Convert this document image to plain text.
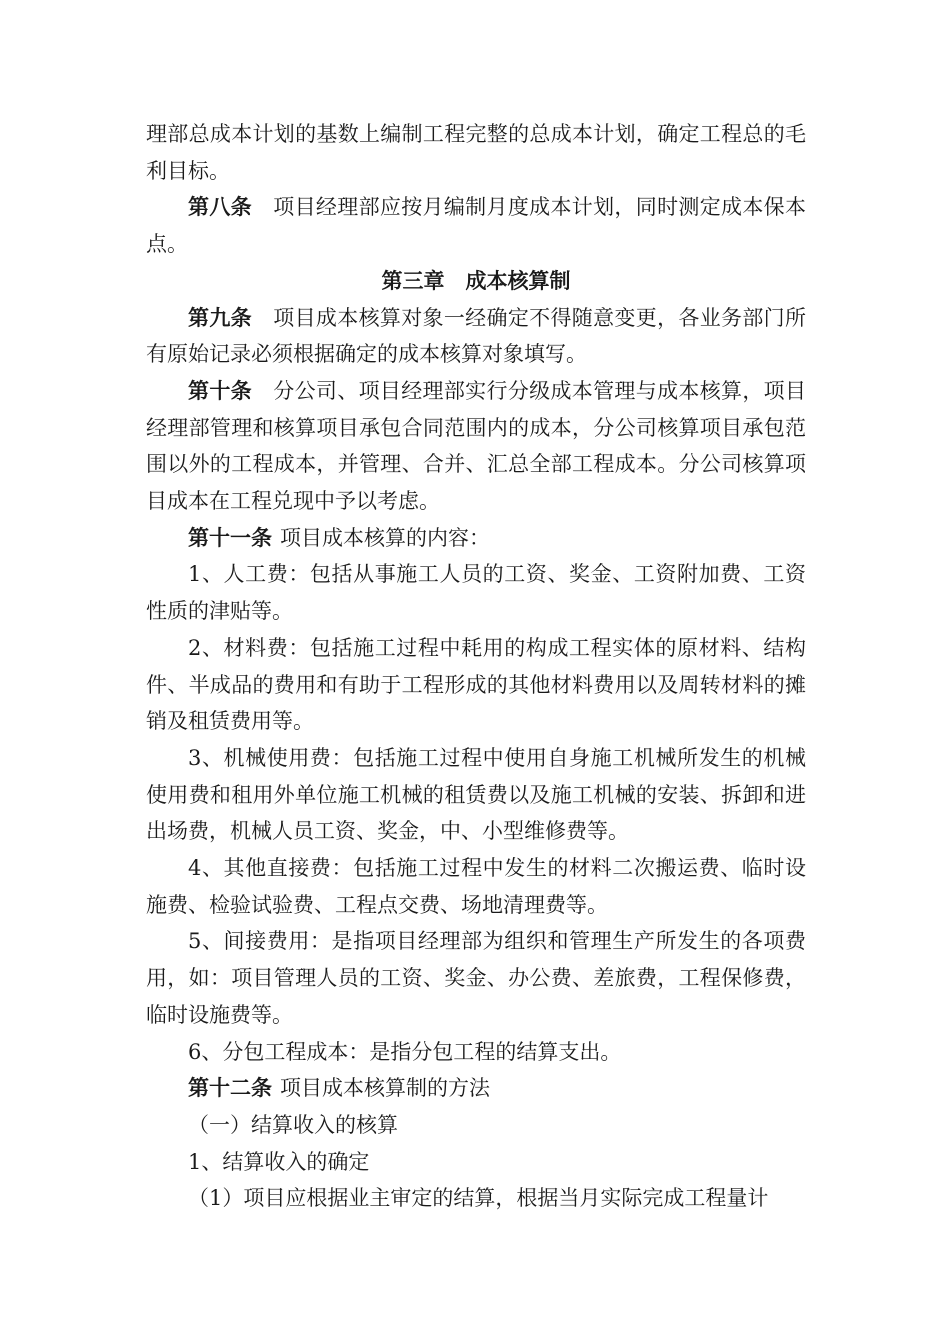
理部总成本计划的基数上编制工程完整的总成本计划，确定工程总的毛利目标。

第八条 项目经理部应按月编制月度成本计划，同时测定成本保本点。

第三章　成本核算制

第九条 项目成本核算对象一经确定不得随意变更，各业务部门所有原始记录必须根据确定的成本核算对象填写。

第十条 分公司、项目经理部实行分级成本管理与成本核算，项目经理部管理和核算项目承包合同范围内的成本，分公司核算项目承包范围以外的工程成本，并管理、合并、汇总全部工程成本。分公司核算项目成本在工程兑现中予以考虑。

第十一条 项目成本核算的内容：

1、人工费：包括从事施工人员的工资、奖金、工资附加费、工资性质的津贴等。

2、材料费：包括施工过程中耗用的构成工程实体的原材料、结构件、半成品的费用和有助于工程形成的其他材料费用以及周转材料的摊销及租赁费用等。

3、机械使用费：包括施工过程中使用自身施工机械所发生的机械使用费和租用外单位施工机械的租赁费以及施工机械的安装、拆卸和进出场费，机械人员工资、奖金，中、小型维修费等。

4、其他直接费：包括施工过程中发生的材料二次搬运费、临时设施费、检验试验费、工程点交费、场地清理费等。

5、间接费用：是指项目经理部为组织和管理生产所发生的各项费用，如：项目管理人员的工资、奖金、办公费、差旅费，工程保修费，临时设施费等。

6、分包工程成本：是指分包工程的结算支出。

第十二条 项目成本核算制的方法

（一）结算收入的核算

1、结算收入的确定

（1）项目应根据业主审定的结算，根据当月实际完成工程量计
